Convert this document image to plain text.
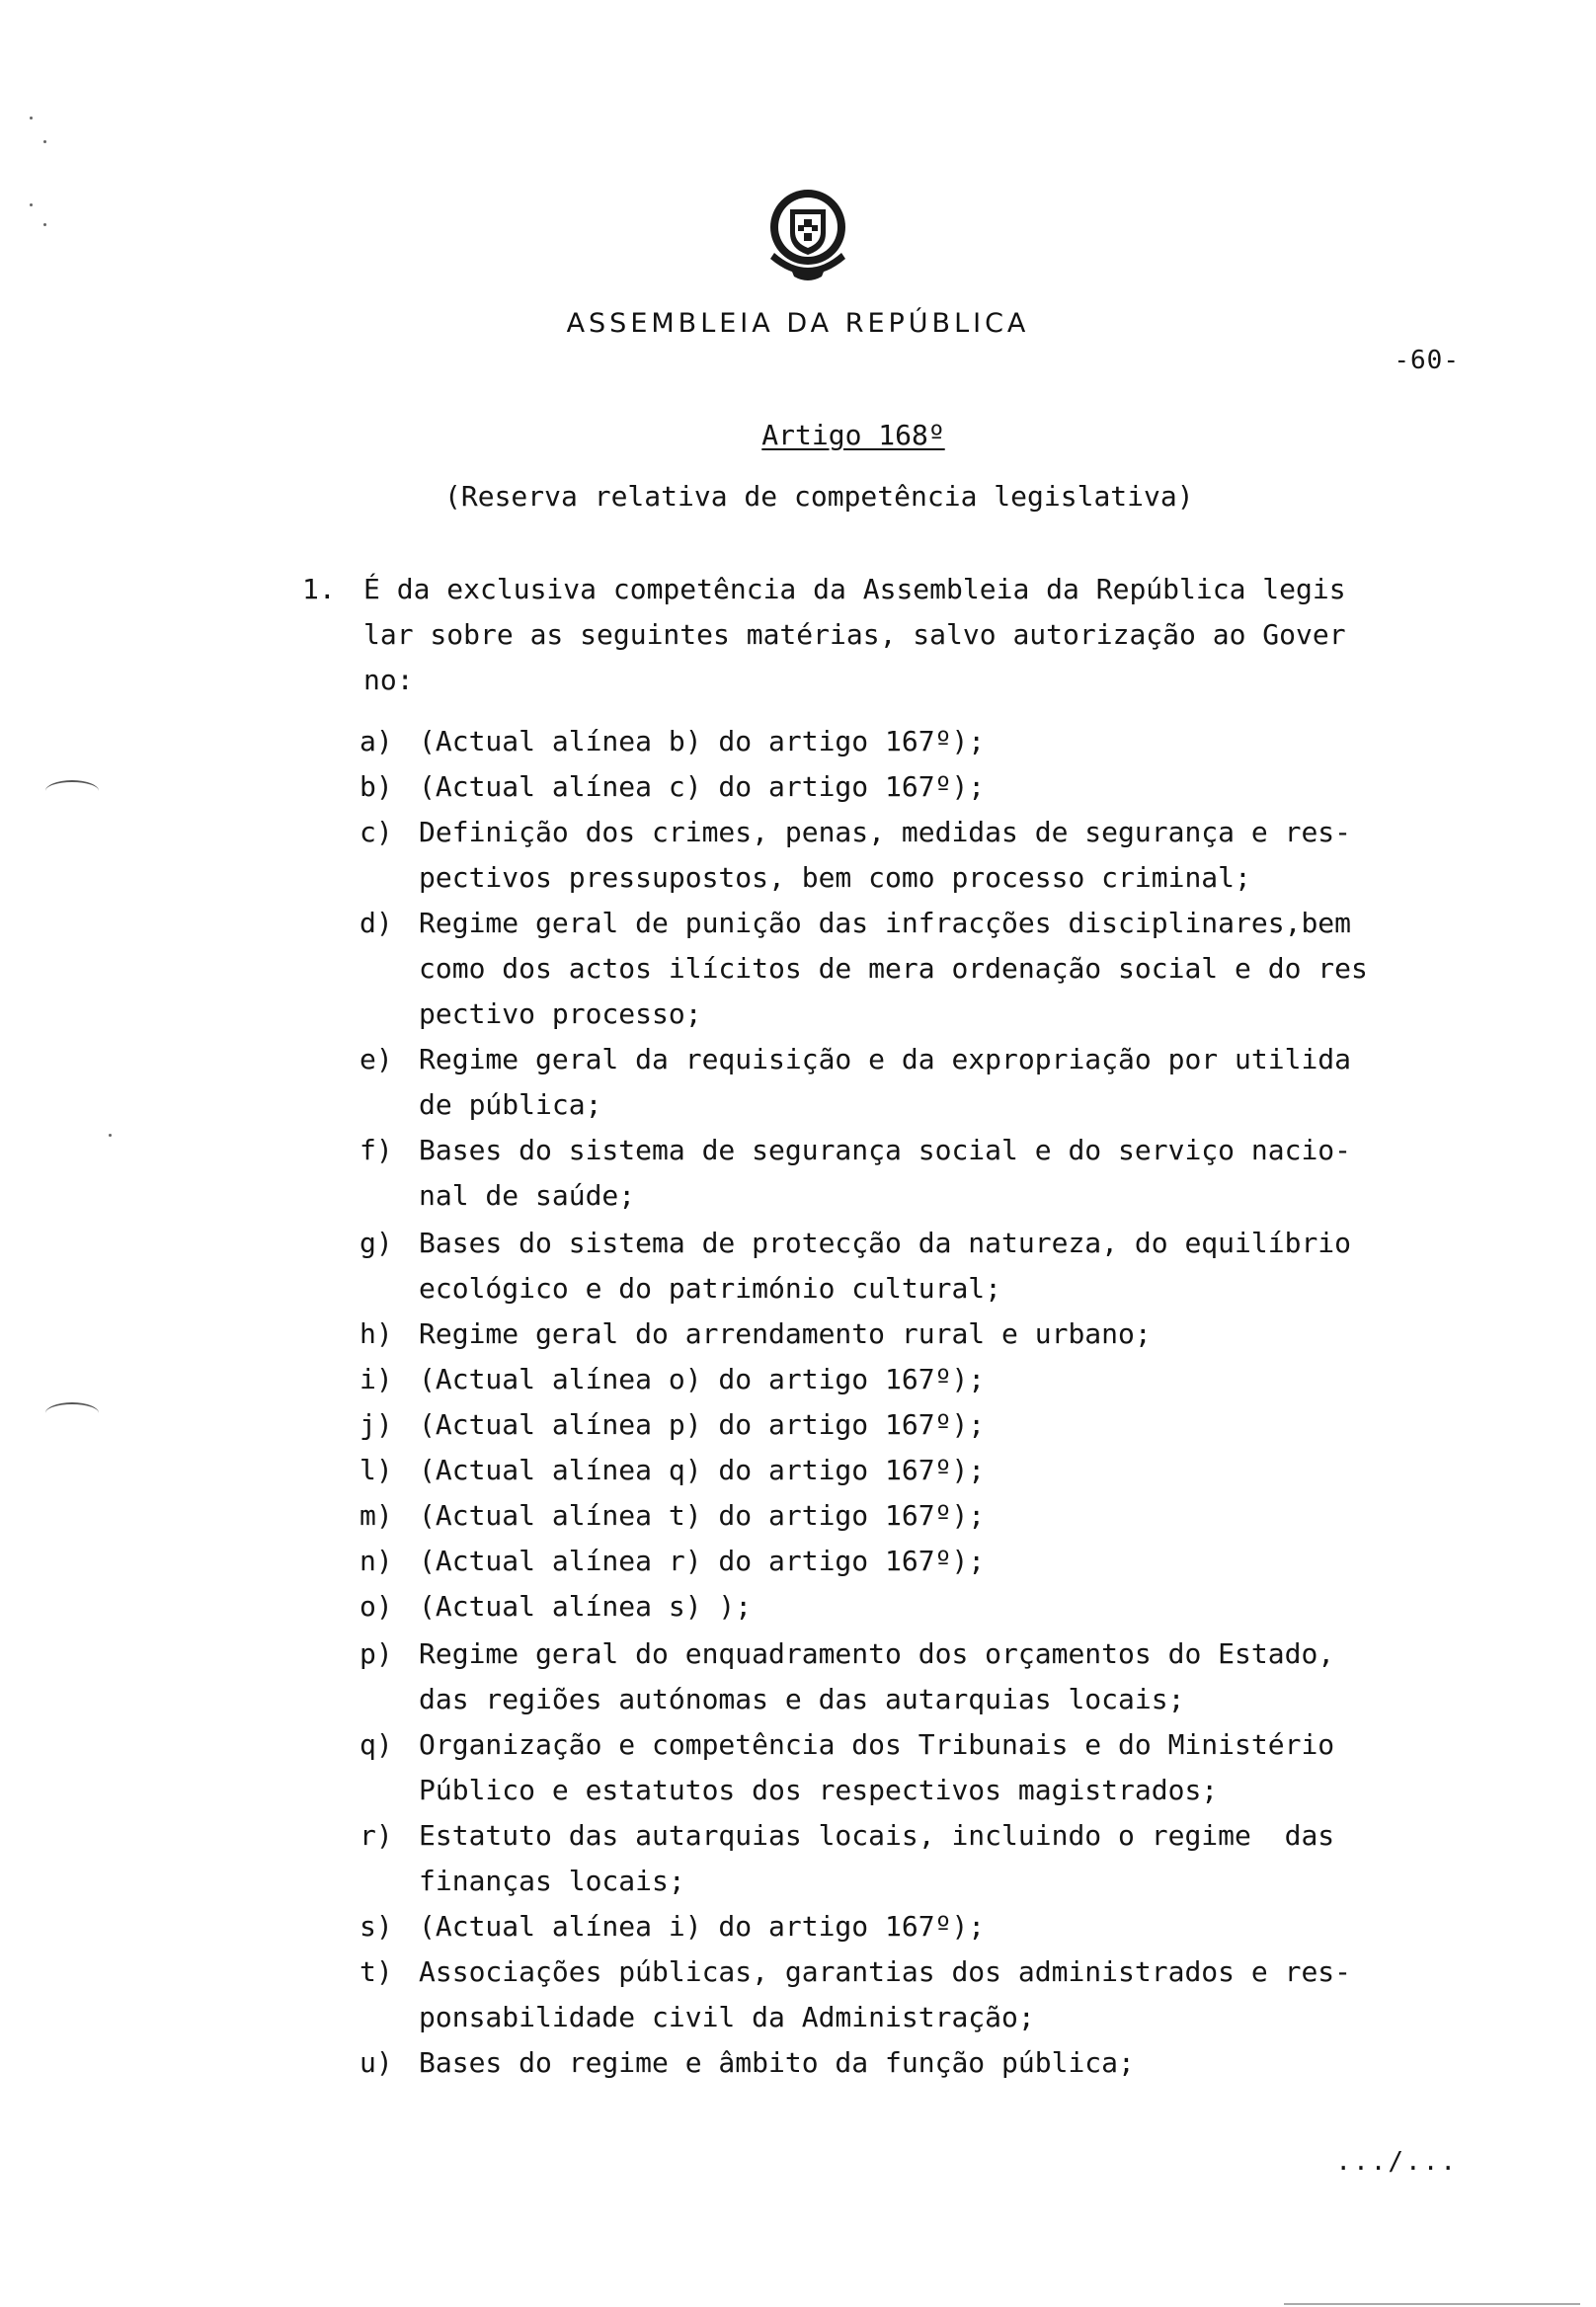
ASSEMBLEIA DA REPÚBLICA
-60-
Artigo 168º
(Reserva relativa de competência legislativa)
1. É da exclusiva competência da Assembleia da República legis
lar sobre as seguintes matérias, salvo autorização ao Gover
no:
a) (Actual alínea b) do artigo 167º);
b) (Actual alínea c) do artigo 167º);
c) Definição dos crimes, penas, medidas de segurança e res-
pectivos pressupostos, bem como processo criminal;
d) Regime geral de punição das infracções disciplinares,bem
como dos actos ilícitos de mera ordenação social e do res
pectivo processo;
e) Regime geral da requisição e da expropriação por utilida
de pública;
f) Bases do sistema de segurança social e do serviço nacio-
nal de saúde;
g) Bases do sistema de protecção da natureza, do equilíbrio
ecológico e do património cultural;
h) Regime geral do arrendamento rural e urbano;
i) (Actual alínea o) do artigo 167º);
j) (Actual alínea p) do artigo 167º);
l) (Actual alínea q) do artigo 167º);
m) (Actual alínea t) do artigo 167º);
n) (Actual alínea r) do artigo 167º);
o) (Actual alínea s) );
p) Regime geral do enquadramento dos orçamentos do Estado,
das regiões autónomas e das autarquias locais;
q) Organização e competência dos Tribunais e do Ministério
Público e estatutos dos respectivos magistrados;
r) Estatuto das autarquias locais, incluindo o regime  das
finanças locais;
s) (Actual alínea i) do artigo 167º);
t) Associações públicas, garantias dos administrados e res-
ponsabilidade civil da Administração;
u) Bases do regime e âmbito da função pública;
.../...
